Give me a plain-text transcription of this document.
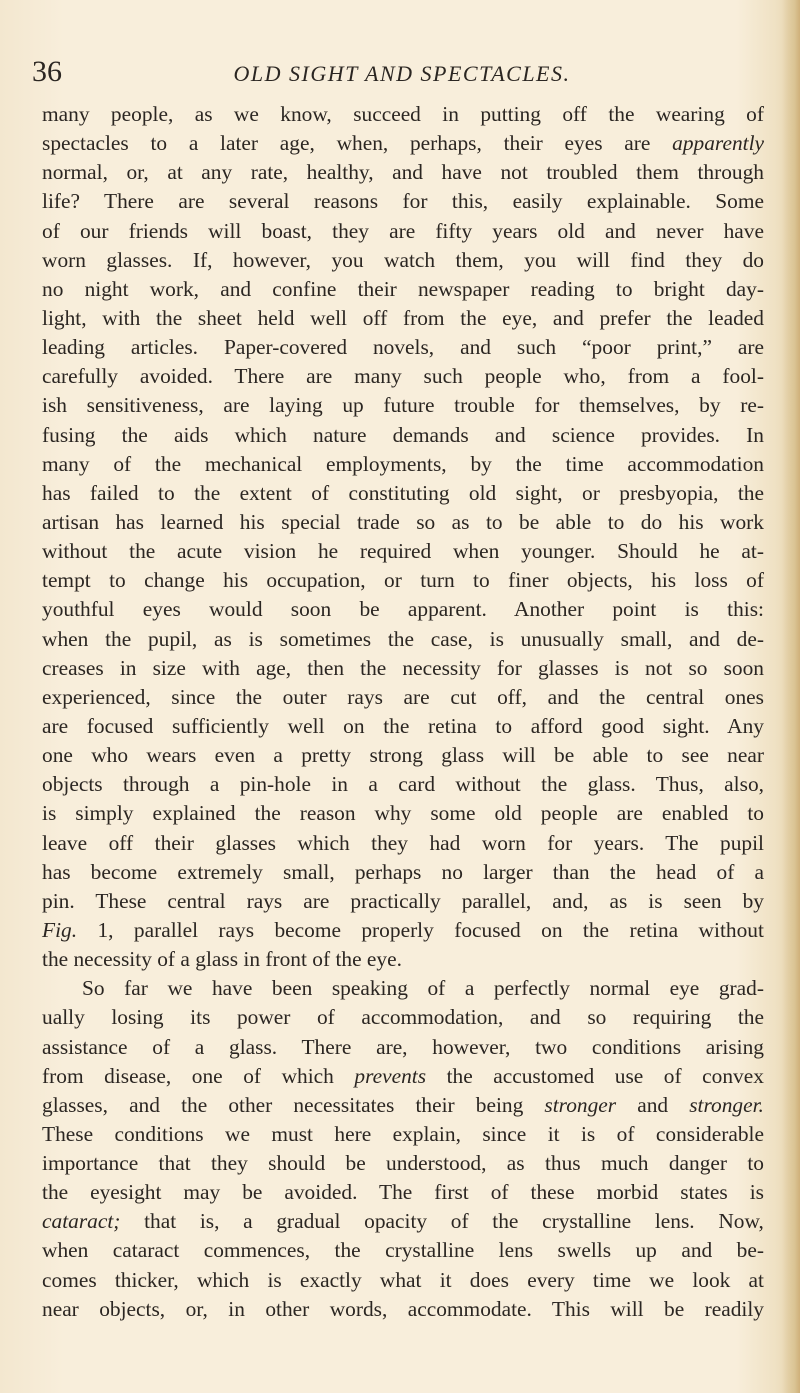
36	OLD SIGHT AND SPECTACLES.
many people, as we know, succeed in putting off the wearing of
spectacles to a later age, when, perhaps, their eyes are apparently
normal, or, at any rate, healthy, and have not troubled them through
life? There are several reasons for this, easily explainable. Some
of our friends will boast, they are fifty years old and never have
worn glasses. If, however, you watch them, you will find they do
no night work, and confine their newspaper reading to bright day-
light, with the sheet held well off from the eye, and prefer the leaded
leading articles. Paper-covered novels, and such “poor print,” are
carefully avoided. There are many such people who, from a fool-
ish sensitiveness, are laying up future trouble for themselves, by re-
fusing the aids which nature demands and science provides. In
many of the mechanical employments, by the time accommodation
has failed to the extent of constituting old sight, or presbyopia, the
artisan has learned his special trade so as to be able to do his work
without the acute vision he required when younger. Should he at-
tempt to change his occupation, or turn to finer objects, his loss of
youthful eyes would soon be apparent. Another point is this:
when the pupil, as is sometimes the case, is unusually small, and de-
creases in size with age, then the necessity for glasses is not so soon
experienced, since the outer rays are cut off, and the central ones
are focused sufficiently well on the retina to afford good sight. Any
one who wears even a pretty strong glass will be able to see near
objects through a pin-hole in a card without the glass. Thus, also,
is simply explained the reason why some old people are enabled to
leave off their glasses which they had worn for years. The pupil
has become extremely small, perhaps no larger than the head of a
pin. These central rays are practically parallel, and, as is seen by
Fig. 1, parallel rays become properly focused on the retina without
the necessity of a glass in front of the eye.
So far we have been speaking of a perfectly normal eye grad-
ually losing its power of accommodation, and so requiring the
assistance of a glass. There are, however, two conditions arising
from disease, one of which prevents the accustomed use of convex
glasses, and the other necessitates their being stronger and stronger.
These conditions we must here explain, since it is of considerable
importance that they should be understood, as thus much danger to
the eyesight may be avoided. The first of these morbid states is
cataract; that is, a gradual opacity of the crystalline lens. Now,
when cataract commences, the crystalline lens swells up and be-
comes thicker, which is exactly what it does every time we look at
near objects, or, in other words, accommodate. This will be readily
